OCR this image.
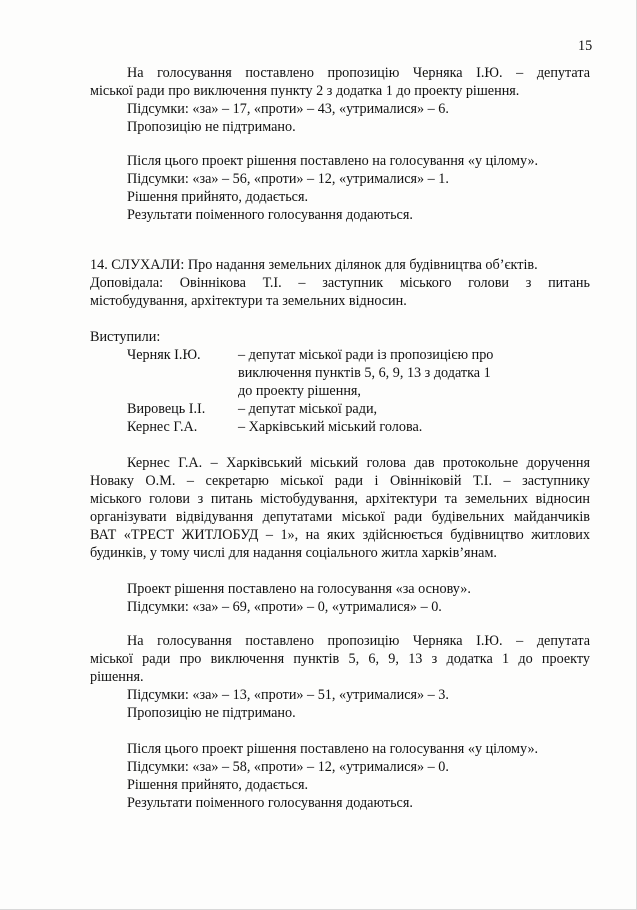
15
На голосування поставлено пропозицію Черняка І.Ю. – депутата
міської ради про виключення пункту 2 з додатка 1 до проекту рішення.
Підсумки: «за» – 17, «проти» – 43, «утрималися» – 6.
Пропозицію не підтримано.
Після цього проект рішення поставлено на голосування «у цілому».
Підсумки: «за» – 56, «проти» – 12, «утрималися» – 1.
Рішення прийнято, додається.
Результати поіменного голосування додаються.
14. СЛУХАЛИ: Про надання земельних ділянок для будівництва об’єктів.
Доповідала: Овіннікова Т.І. – заступник міського голови з питань
містобудування, архітектури та земельних відносин.
Виступили:
Черняк І.Ю.	– депутат міської ради із пропозицією про
виключення пунктів 5, 6, 9, 13 з додатка 1
до проекту рішення,
Вировець І.І. – депутат міської ради,
Кернес Г.А.	– Харківський міський голова.
Кернес Г.А. – Харківський міський голова дав протокольне доручення
Новаку О.М. – секретарю міської ради і Овінніковій Т.І. – заступнику
міського голови з питань містобудування, архітектури та земельних відносин
організувати відвідування депутатами міської ради будівельних майданчиків
ВАТ «ТРЕСТ ЖИТЛОБУД – 1», на яких здійснюється будівництво житлових
будинків, у тому числі для надання соціального житла харків’янам.
Проект рішення поставлено на голосування «за основу».
Підсумки: «за» – 69, «проти» – 0, «утрималися» – 0.
На голосування поставлено пропозицію Черняка І.Ю. – депутата
міської ради про виключення пунктів 5, 6, 9, 13 з додатка 1 до проекту
рішення.
Підсумки: «за» – 13, «проти» – 51, «утрималися» – 3.
Пропозицію не підтримано.
Після цього проект рішення поставлено на голосування «у цілому».
Підсумки: «за» – 58, «проти» – 12, «утрималися» – 0.
Рішення прийнято, додається.
Результати поіменного голосування додаються.
